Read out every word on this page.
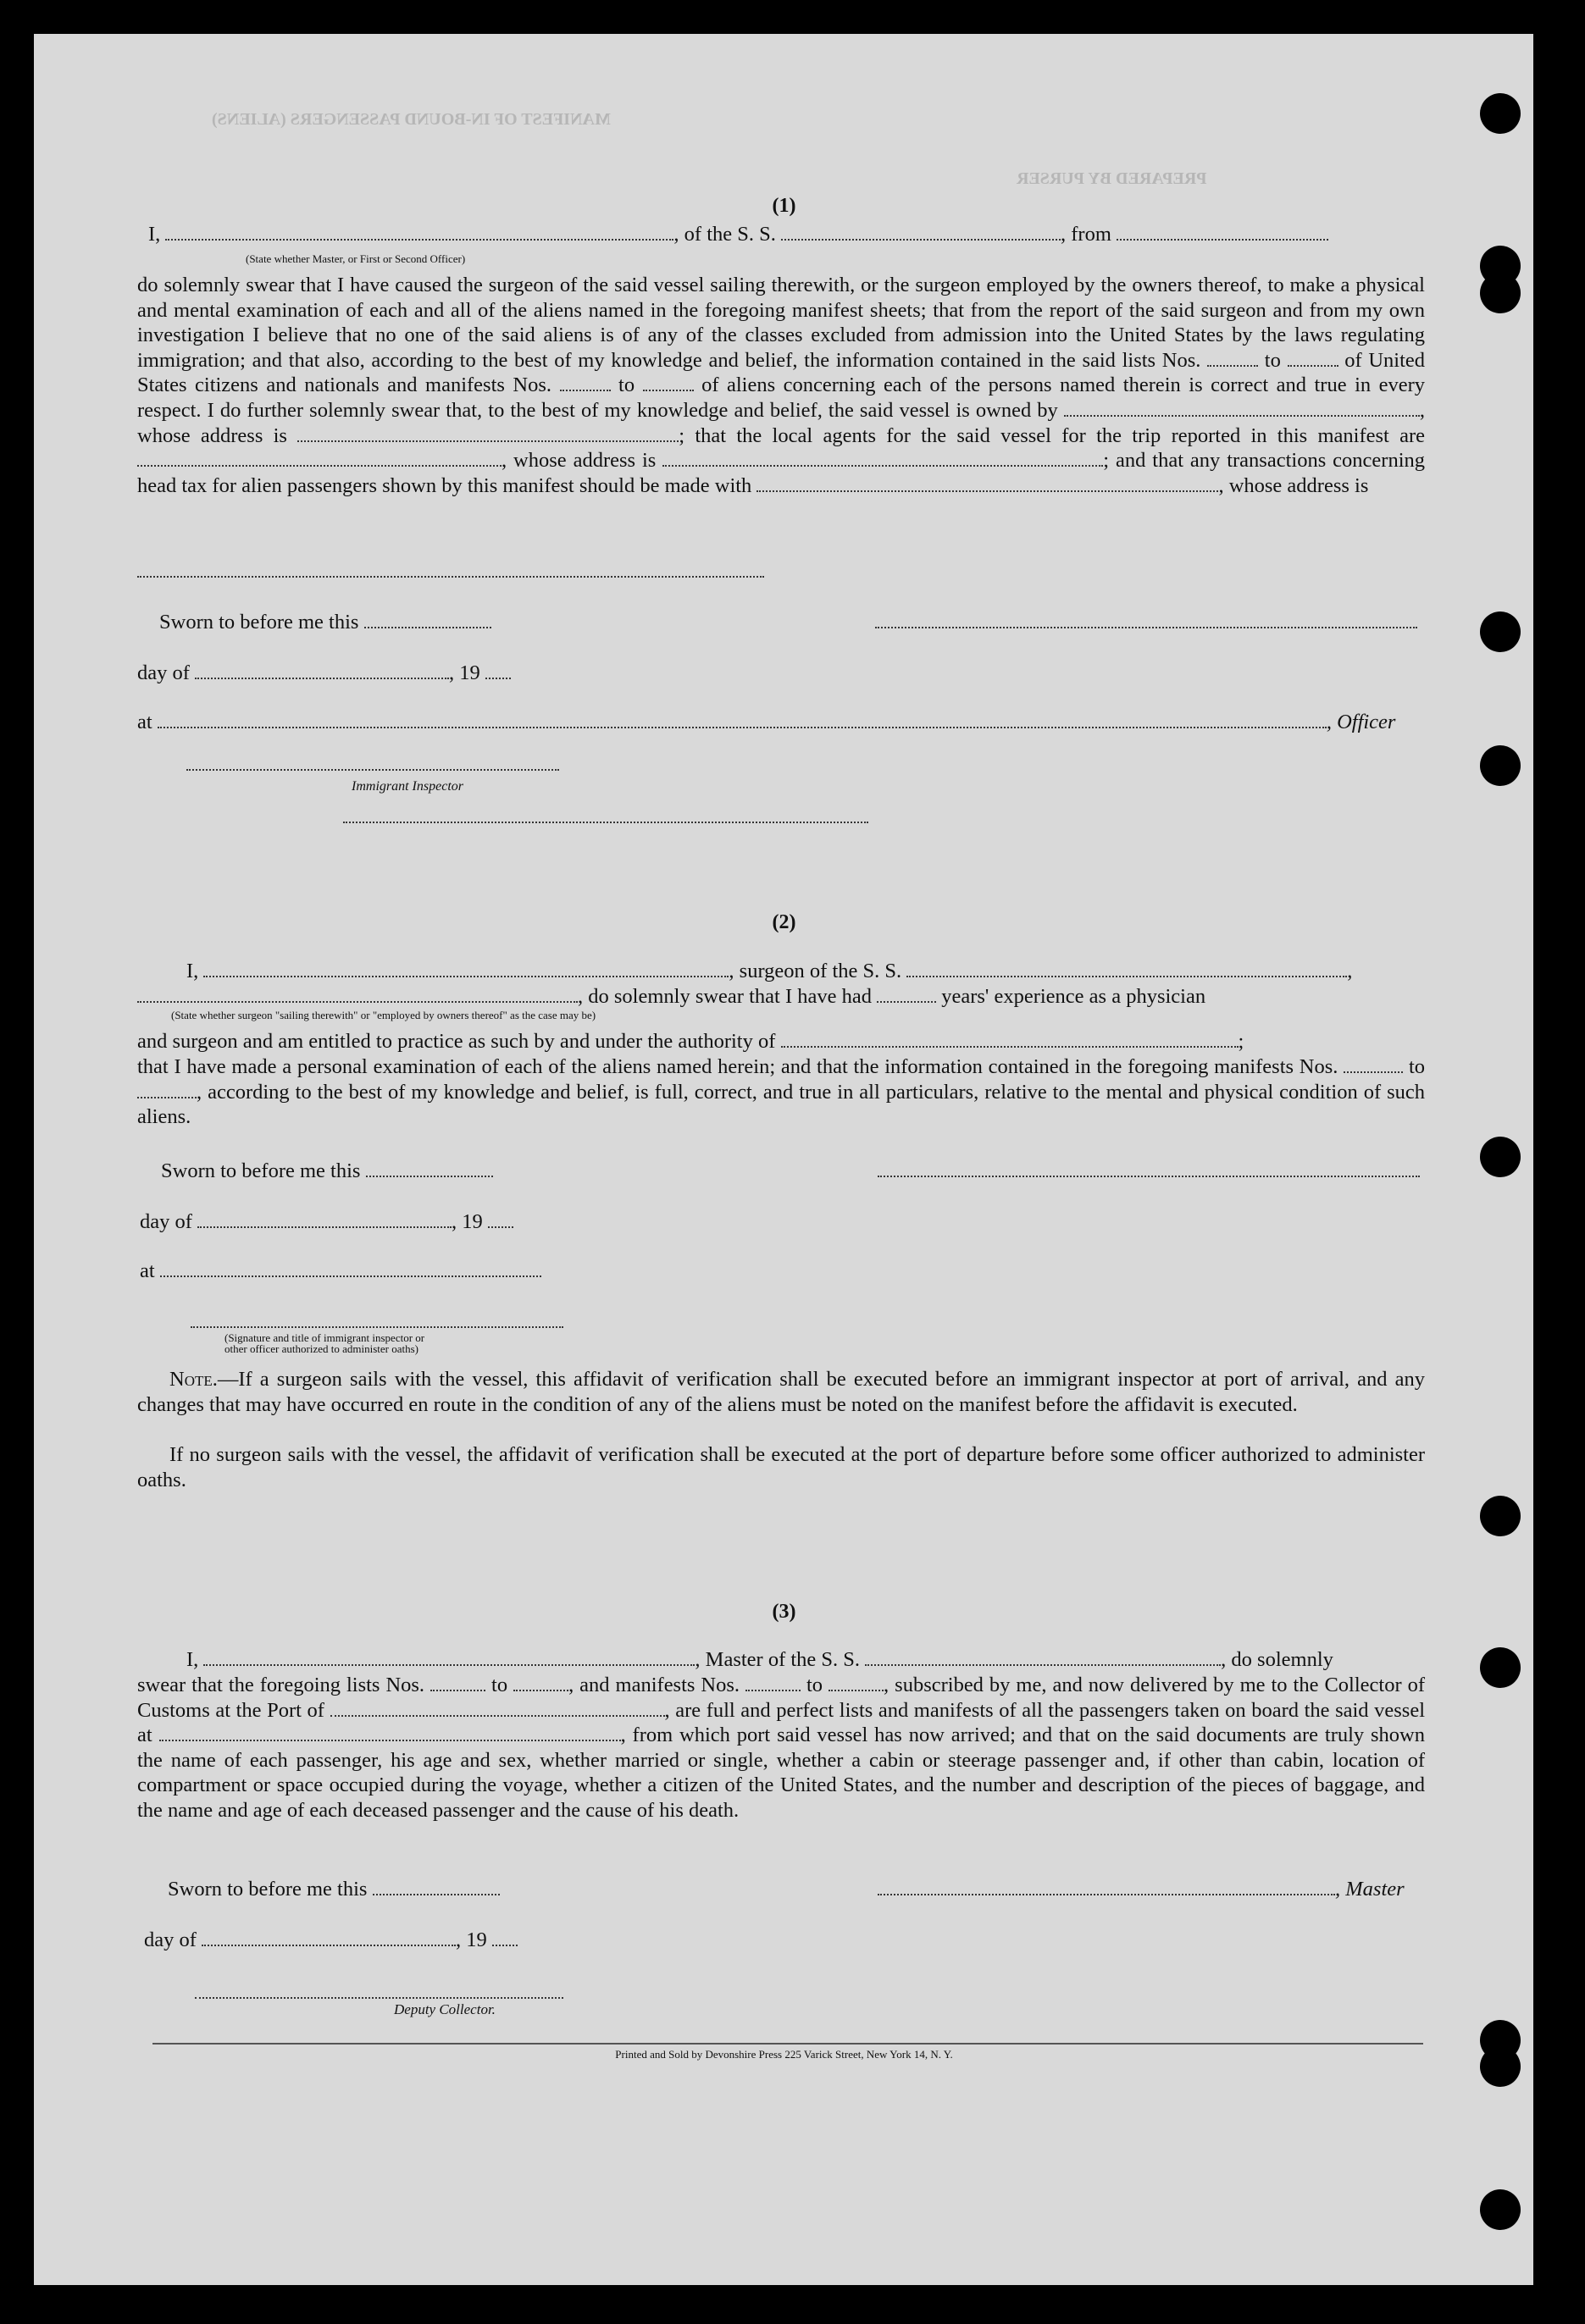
MANIFEST OF IN-BOUND PASSENGERS (ALIENS)
PREPARED BY PURSER
(1)
I,	, of the S. S.	, from
(State whether Master, or First or Second Officer)
do solemnly swear that I have caused the surgeon of the said vessel sailing therewith, or the surgeon employed by the owners thereof, to make a physical and mental examination of each and all of the aliens named in the foregoing manifest sheets; that from the report of the said surgeon and from my own investigation I believe that no one of the said aliens is of any of the classes excluded from admission into the United States by the laws regulating immigration; and that also, according to the best of my knowledge and belief, the information contained in the said lists Nos.	to	of United States citizens and nationals and manifests Nos.	to	of aliens concerning each of the persons named therein is correct and true in every respect. I do further solemnly swear that, to the best of my knowledge and belief, the said vessel is owned by	, whose address is	; that the local agents for the said vessel for the trip reported in this manifest are , whose address is	; and that any transactions concerning head tax for alien passengers shown by this manifest should be made with	, whose address is
Sworn to before me this
day of	, 19
at	, Officer
Immigrant Inspector
(2)
I,	, surgeon of the S. S.	,
, do solemnly swear that I have had	years' experience as a physician
(State whether surgeon "sailing therewith" or "employed by owners thereof" as the case may be)
and surgeon and am entitled to practice as such by and under the authority of	;
that I have made a personal examination of each of the aliens named herein; and that the information contained in the foregoing manifests Nos.	to , according to the best of my knowledge and belief, is full, correct, and true in all particulars, relative to the mental and physical condition of such aliens.
Sworn to before me this
day of	, 19
at
(Signature and title of immigrant inspector or
other officer authorized to administer oaths)
Note.—If a surgeon sails with the vessel, this affidavit of verification shall be executed before an immigrant inspector at port of arrival, and any changes that may have occurred en route in the condition of any of the aliens must be noted on the manifest before the affidavit is executed.
If no surgeon sails with the vessel, the affidavit of verification shall be executed at the port of departure before some officer authorized to administer oaths.
(3)
I,	, Master of the S. S.	, do solemnly
swear that the foregoing lists Nos.	to	, and manifests Nos.	to	, subscribed by me, and now delivered by me to the Collector of Customs at the Port of	, are full and perfect lists and manifests of all the passengers taken on board the said vessel at	, from which port said vessel has now arrived; and that on the said documents are truly shown the name of each passenger, his age and sex, whether married or single, whether a cabin or steerage passenger and, if other than cabin, location of compartment or space occupied during the voyage, whether a citizen of the United States, and the number and description of the pieces of baggage, and the name and age of each deceased passenger and the cause of his death.
Sworn to before me this	, Master
day of	, 19
Deputy Collector.
Printed and Sold by Devonshire Press 225 Varick Street, New York 14, N. Y.
